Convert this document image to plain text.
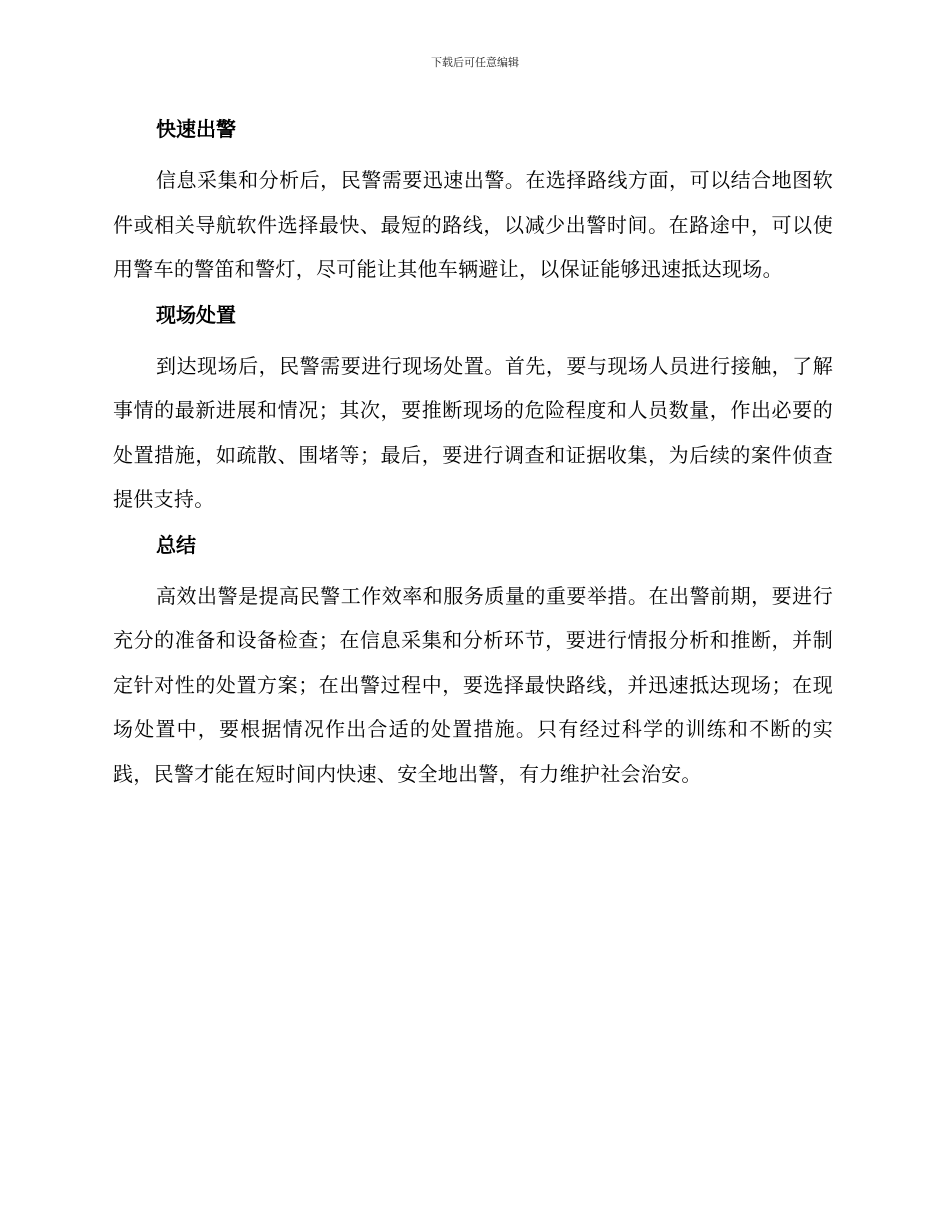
下载后可任意编辑
快速出警

信息采集和分析后，民警需要迅速出警。在选择路线方面，可以结合地图软件或相关导航软件选择最快、最短的路线，以减少出警时间。在路途中，可以使用警车的警笛和警灯，尽可能让其他车辆避让，以保证能够迅速抵达现场。

现场处置

到达现场后，民警需要进行现场处置。首先，要与现场人员进行接触，了解事情的最新进展和情况；其次，要推断现场的危险程度和人员数量，作出必要的处置措施，如疏散、围堵等；最后，要进行调查和证据收集，为后续的案件侦查提供支持。

总结

高效出警是提高民警工作效率和服务质量的重要举措。在出警前期，要进行充分的准备和设备检查；在信息采集和分析环节，要进行情报分析和推断，并制定针对性的处置方案；在出警过程中，要选择最快路线，并迅速抵达现场；在现场处置中，要根据情况作出合适的处置措施。只有经过科学的训练和不断的实践，民警才能在短时间内快速、安全地出警，有力维护社会治安。
